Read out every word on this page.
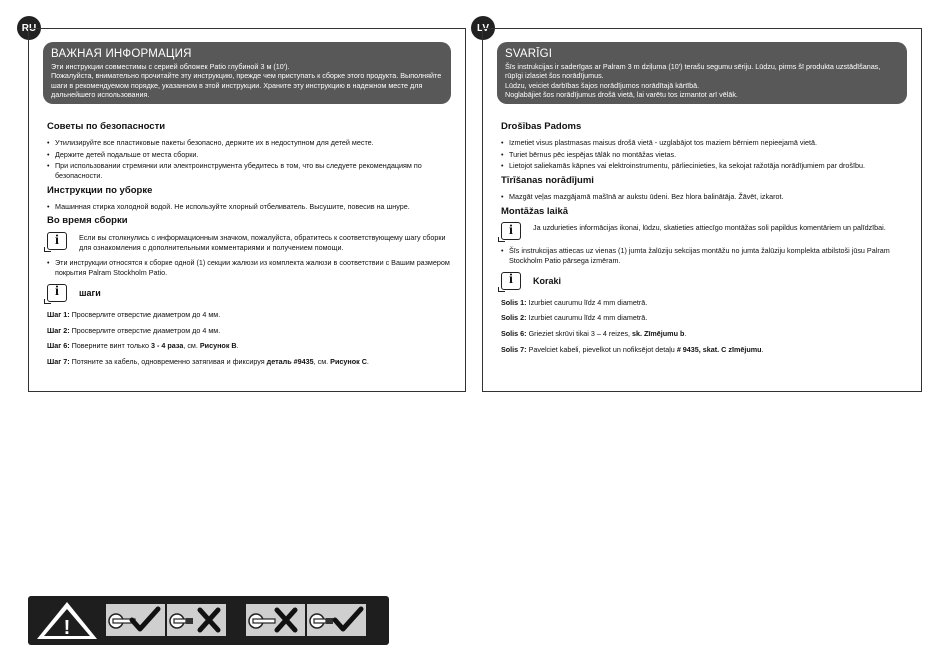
RU
ВАЖНАЯ ИНФОРМАЦИЯ

Эти инструкции совместимы с серией обложек Patio глубиной 3 м (10').

Пожалуйста, внимательно прочитайте эту инструкцию, прежде чем приступать к сборке этого продукта. Выполняйте шаги в рекомендуемом порядке, указанном в этой инструкции. Храните эту инструкцию в надежном месте для дальнейшего использования.

Советы по безопасности
• Утилизируйте все пластиковые пакеты безопасно, держите их в недоступном для детей месте.
• Держите детей подальше от места сборки.
• При использовании стремянки или электроинструмента убедитесь в том, что вы следуете рекомендациям по безопасности.
Инструкции по уборке
• Машинная стирка холодной водой. Не используйте хлорный отбеливатель. Высушите, повесив на шнуре.
Во время сборки
i	Если вы столкнулись с информационным значком, пожалуйста, обратитесь к соответствующему шагу сборки для ознакомления с дополнительными комментариями и получением помощи.
• Эти инструкции относятся к сборке одной (1) секции жалюзи из комплекта жалюзи в соответствии с Вашим размером покрытия Palram Stockholm Patio.
i	шаги
Шаг 1: Просверлите отверстие диаметром до 4 мм.
Шаг 2: Просверлите отверстие диаметром до 4 мм.
Шаг 6: Поверните винт только 3 - 4 раза, см. Рисунок B.
Шаг 7: Потяните за кабель, одновременно затягивая и фиксируя деталь #9435, см. Рисунок C.
LV
SVARĪGI

Šīs instrukcijas ir saderīgas ar Palram 3 m dziļuma (10') terašu segumu sēriju. Lūdzu, pirms šī produkta uzstādīšanas, rūpīgi izlasiet šos norādījumus.

Lūdzu, veiciet darbības šajos norādījumos norādītajā kārtībā.

Noglabājiet šos norādījumus drošā vietā, lai varētu tos izmantot arī vēlāk.

Drošības Padoms
• Izmetiet visus plastmasas maisus drošā vietā - uzglabājot tos maziem bērniem nepieejamā vietā.
• Turiet bērnus pēc iespējas tālāk no montāžas vietas.
• Lietojot saliekamās kāpnes vai elektroinstrumentu, pārliecinieties, ka sekojat ražotāja norādījumiem par drošību.
Tīrīšanas norādījumi
• Mazgāt veļas mazgājamā mašīnā ar aukstu ūdeni. Bez hlora balinātāja. Žāvēt, izkarot.
Montāžas laikā
i	Ja uzdurieties informācijas ikonai, lūdzu, skatieties attiecīgo montāžas soli papildus komentāriem un palīdzībai.
• Šīs instrukcijas attiecas uz vienas (1) jumta žalūziju sekcijas montāžu no jumta žalūziju komplekta atbilstoši jūsu Palram Stockholm Patio pārsega izmēram.
i	Koraki
Solis 1: Izurbiet caurumu līdz 4 mm diametrā.
Solis 2: Izurbiet caurumu līdz 4 mm diametrā.
Solis 6: Grieziet skrūvi tikai 3 – 4 reizes, sk. Zīmējumu b.
Solis 7: Pavelciet kabeli, pievelkot un nofiksējot detaļu # 9435, skat. C zīmējumu.
!
